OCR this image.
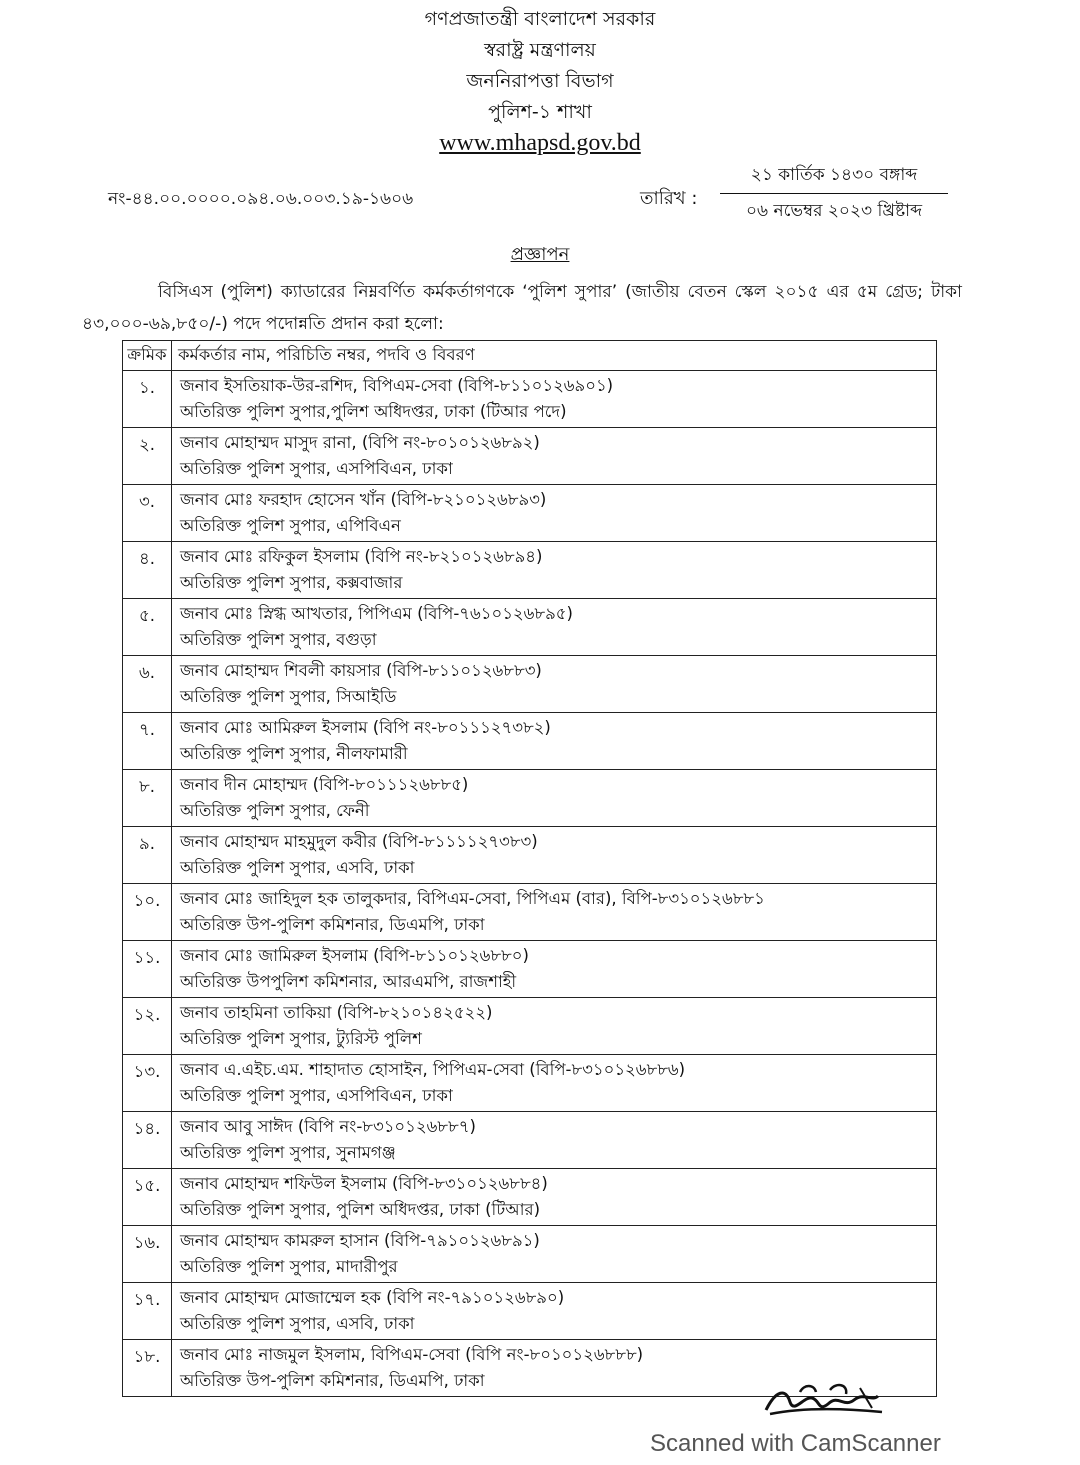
গণপ্রজাতন্ত্রী বাংলাদেশ সরকার
স্বরাষ্ট্র মন্ত্রণালয়
জননিরাপত্তা বিভাগ
পুলিশ-১ শাখা
www.mhapsd.gov.bd
নং-৪৪.০০.০০০০.০৯৪.০৬.০০৩.১৯-১৬০৬	তারিখ :
২১ কার্তিক ১৪৩০ বঙ্গাব্দ
০৬ নভেম্বর ২০২৩ খ্রিষ্টাব্দ
প্রজ্ঞাপন
বিসিএস (পুলিশ) ক্যাডারের নিম্নবর্ণিত কর্মকর্তাগণকে ‘পুলিশ সুপার’ (জাতীয় বেতন স্কেল ২০১৫ এর ৫ম গ্রেড; টাকা ৪৩,০০০-৬৯,৮৫০/-) পদে পদোন্নতি প্রদান করা হলো:
ক্রমিক	কর্মকর্তার নাম, পরিচিতি নম্বর, পদবি ও বিবরণ
১.	জনাব ইসতিয়াক-উর-রশিদ, বিপিএম-সেবা (বিপি-৮১১০১২৬৯০১)
অতিরিক্ত পুলিশ সুপার,পুলিশ অধিদপ্তর, ঢাকা (টিআর পদে)

২.	জনাব মোহাম্মদ মাসুদ রানা, (বিপি নং-৮০১০১২৬৮৯২)
অতিরিক্ত পুলিশ সুপার, এসপিবিএন, ঢাকা

৩.	জনাব মোঃ ফরহাদ হোসেন খাঁন (বিপি-৮২১০১২৬৮৯৩)
অতিরিক্ত পুলিশ সুপার, এপিবিএন

৪.	জনাব মোঃ রফিকুল ইসলাম (বিপি নং-৮২১০১২৬৮৯৪)
অতিরিক্ত পুলিশ সুপার, কক্সবাজার

৫.	জনাব মোঃ স্নিগ্ধ আখতার, পিপিএম (বিপি-৭৬১০১২৬৮৯৫)
অতিরিক্ত পুলিশ সুপার, বগুড়া

৬.	জনাব মোহাম্মদ শিবলী কায়সার (বিপি-৮১১০১২৬৮৮৩)
অতিরিক্ত পুলিশ সুপার, সিআইডি

৭.	জনাব মোঃ আমিরুল ইসলাম (বিপি নং-৮০১১১২৭৩৮২)
অতিরিক্ত পুলিশ সুপার, নীলফামারী

৮.	জনাব দীন মোহাম্মদ (বিপি-৮০১১১২৬৮৮৫)
অতিরিক্ত পুলিশ সুপার, ফেনী

৯.	জনাব মোহাম্মদ মাহমুদুল কবীর (বিপি-৮১১১১২৭৩৮৩)
অতিরিক্ত পুলিশ সুপার, এসবি, ঢাকা

১০.	জনাব মোঃ জাহিদুল হক তালুকদার, বিপিএম-সেবা, পিপিএম (বার), বিপি-৮৩১০১২৬৮৮১
অতিরিক্ত উপ-পুলিশ কমিশনার, ডিএমপি, ঢাকা

১১.	জনাব মোঃ জামিরুল ইসলাম (বিপি-৮১১০১২৬৮৮০)
অতিরিক্ত উপপুলিশ কমিশনার, আরএমপি, রাজশাহী

১২.	জনাব তাহমিনা তাকিয়া (বিপি-৮২১০১৪২৫২২)
অতিরিক্ত পুলিশ সুপার, ট্যুরিস্ট পুলিশ

১৩.	জনাব এ.এইচ.এম. শাহাদাত হোসাইন, পিপিএম-সেবা (বিপি-৮৩১০১২৬৮৮৬)
অতিরিক্ত পুলিশ সুপার, এসপিবিএন, ঢাকা

১৪.	জনাব আবু সাঈদ (বিপি নং-৮৩১০১২৬৮৮৭)
অতিরিক্ত পুলিশ সুপার, সুনামগঞ্জ

১৫.	জনাব মোহাম্মদ শফিউল ইসলাম (বিপি-৮৩১০১২৬৮৮৪)
অতিরিক্ত পুলিশ সুপার, পুলিশ অধিদপ্তর, ঢাকা (টিআর)

১৬.	জনাব মোহাম্মদ কামরুল হাসান (বিপি-৭৯১০১২৬৮৯১)
অতিরিক্ত পুলিশ সুপার, মাদারীপুর

১৭.	জনাব মোহাম্মদ মোজাম্মেল হক (বিপি নং-৭৯১০১২৬৮৯০)
অতিরিক্ত পুলিশ সুপার, এসবি, ঢাকা

১৮.	জনাব মোঃ নাজমুল ইসলাম, বিপিএম-সেবা (বিপি নং-৮০১০১২৬৮৮৮)
অতিরিক্ত উপ-পুলিশ কমিশনার, ডিএমপি, ঢাকা
Scanned with CamScanner
